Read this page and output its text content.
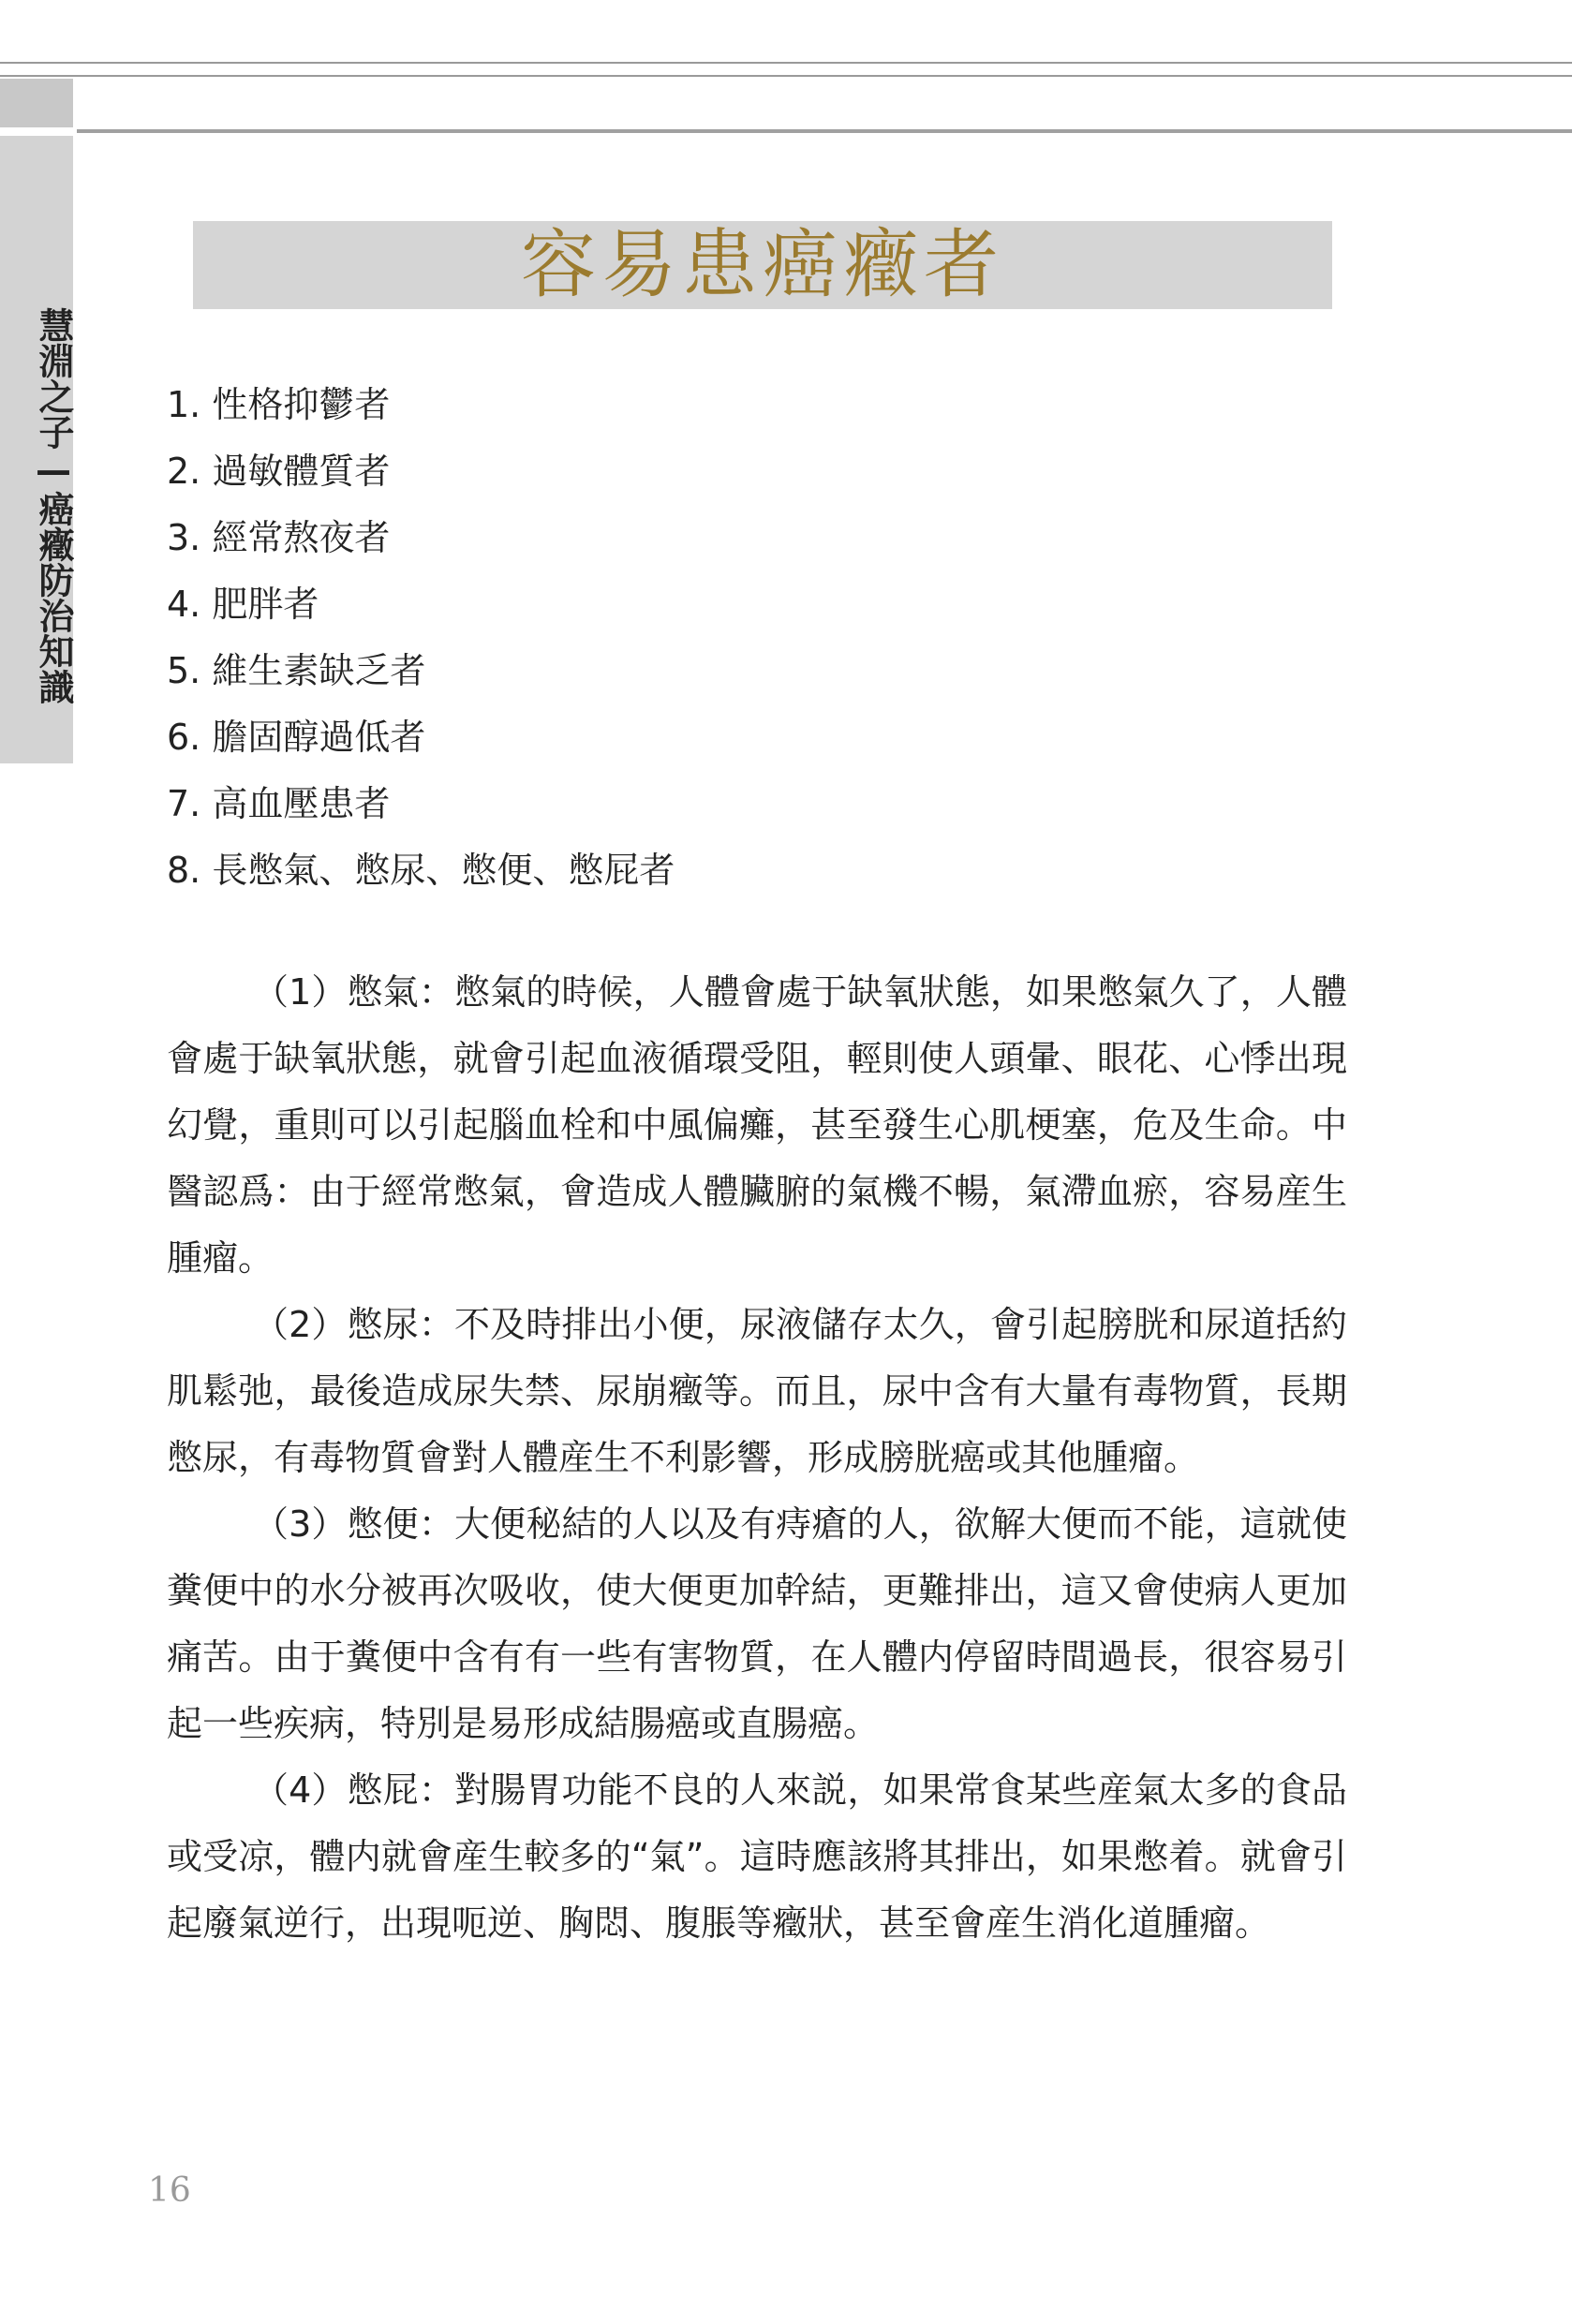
慧淵之子—癌癥防治知識
容易患癌癥者
1. 性格抑鬱者
2. 過敏體質者
3. 經常熬夜者
4. 肥胖者
5. 維生素缺乏者
6. 膽固醇過低者
7. 高血壓患者
8. 長憋氣、憋尿、憋便、憋屁者

（1）憋氣：憋氣的時候，人體會處于缺氧狀態，如果憋氣久了，人體會處于缺氧狀態，就會引起血液循環受阻，輕則使人頭暈、眼花、心悸出現幻覺，重則可以引起腦血栓和中風偏癱，甚至發生心肌梗塞，危及生命。中醫認爲：由于經常憋氣，會造成人體臟腑的氣機不暢，氣滯血瘀，容易産生腫瘤。

（2）憋尿：不及時排出小便，尿液儲存太久，會引起膀胱和尿道括約肌鬆弛，最後造成尿失禁、尿崩癥等。而且，尿中含有大量有毒物質，長期憋尿，有毒物質會對人體産生不利影響，形成膀胱癌或其他腫瘤。

（3）憋便：大便秘結的人以及有痔瘡的人，欲解大便而不能，這就使糞便中的水分被再次吸收，使大便更加幹結，更難排出，這又會使病人更加痛苦。由于糞便中含有有一些有害物質，在人體内停留時間過長，很容易引起一些疾病，特別是易形成結腸癌或直腸癌。

（4）憋屁：對腸胃功能不良的人來説，如果常食某些産氣太多的食品或受凉，體内就會産生較多的“氣”。這時應該將其排出，如果憋着。就會引起廢氣逆行，出現呃逆、胸悶、腹脹等癥狀，甚至會産生消化道腫瘤。

16
